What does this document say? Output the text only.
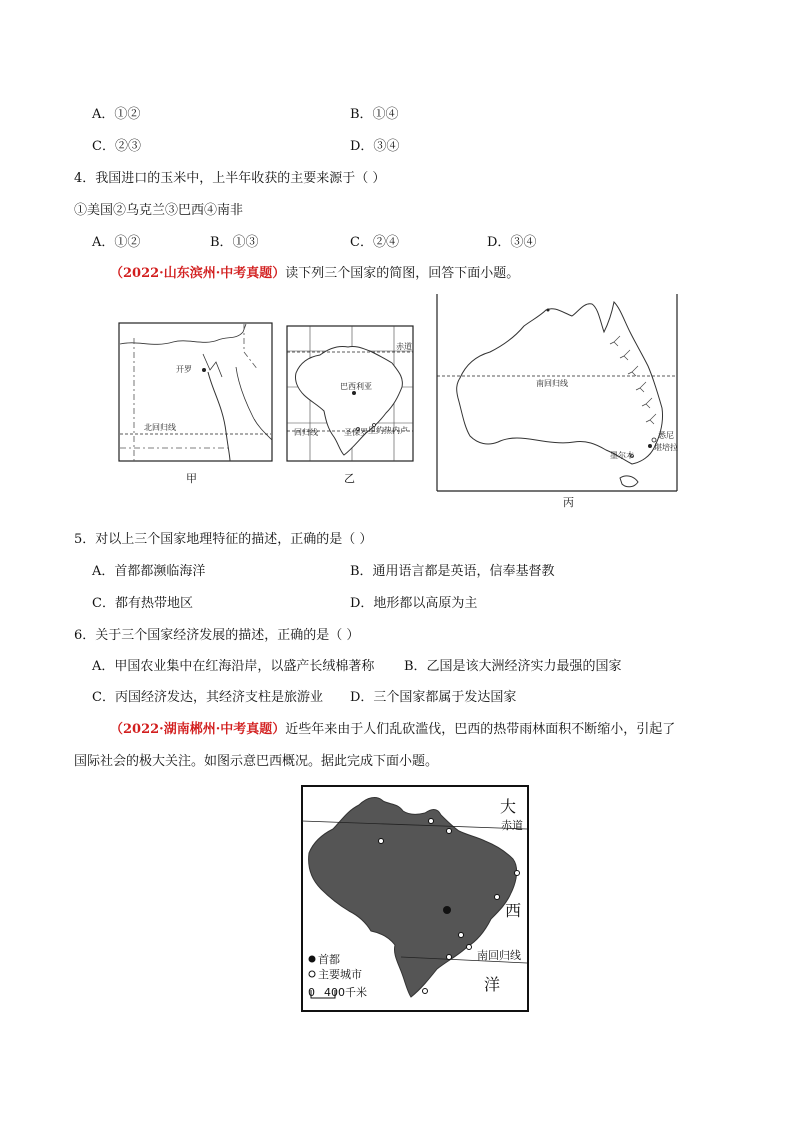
A．①②	B．①④
C．②③	D．③④
4．我国进口的玉米中，上半年收获的主要来源于（ ）
①美国②乌克兰③巴西④南非
A．①②	B．①③	C．②④	D．③④
（2022·山东滨州·中考真题）读下列三个国家的简图，回答下面小题。
开罗
北回归线
甲
赤道
巴西利亚
回归线	圣保罗 里约热内卢
乙
南回归线
悉尼
墨尔本
堪培拉
丙
5．对以上三个国家地理特征的描述，正确的是（ ）
A．首都都濒临海洋	B．通用语言都是英语，信奉基督教
C．都有热带地区	D．地形都以高原为主
6．关于三个国家经济发展的描述，正确的是（ ）
A．甲国农业集中在红海沿岸，以盛产长绒棉著称 B．乙国是该大洲经济实力最强的国家
C．丙国经济发达，其经济支柱是旅游业 D．三个国家都属于发达国家
（2022·湖南郴州·中考真题）近些年来由于人们乱砍滥伐，巴西的热带雨林面积不断缩小，引起了
国际社会的极大关注。如图示意巴西概况。据此完成下面小题。
首都
主要城市
0 400千米
大
赤道
西
南回归线
洋
